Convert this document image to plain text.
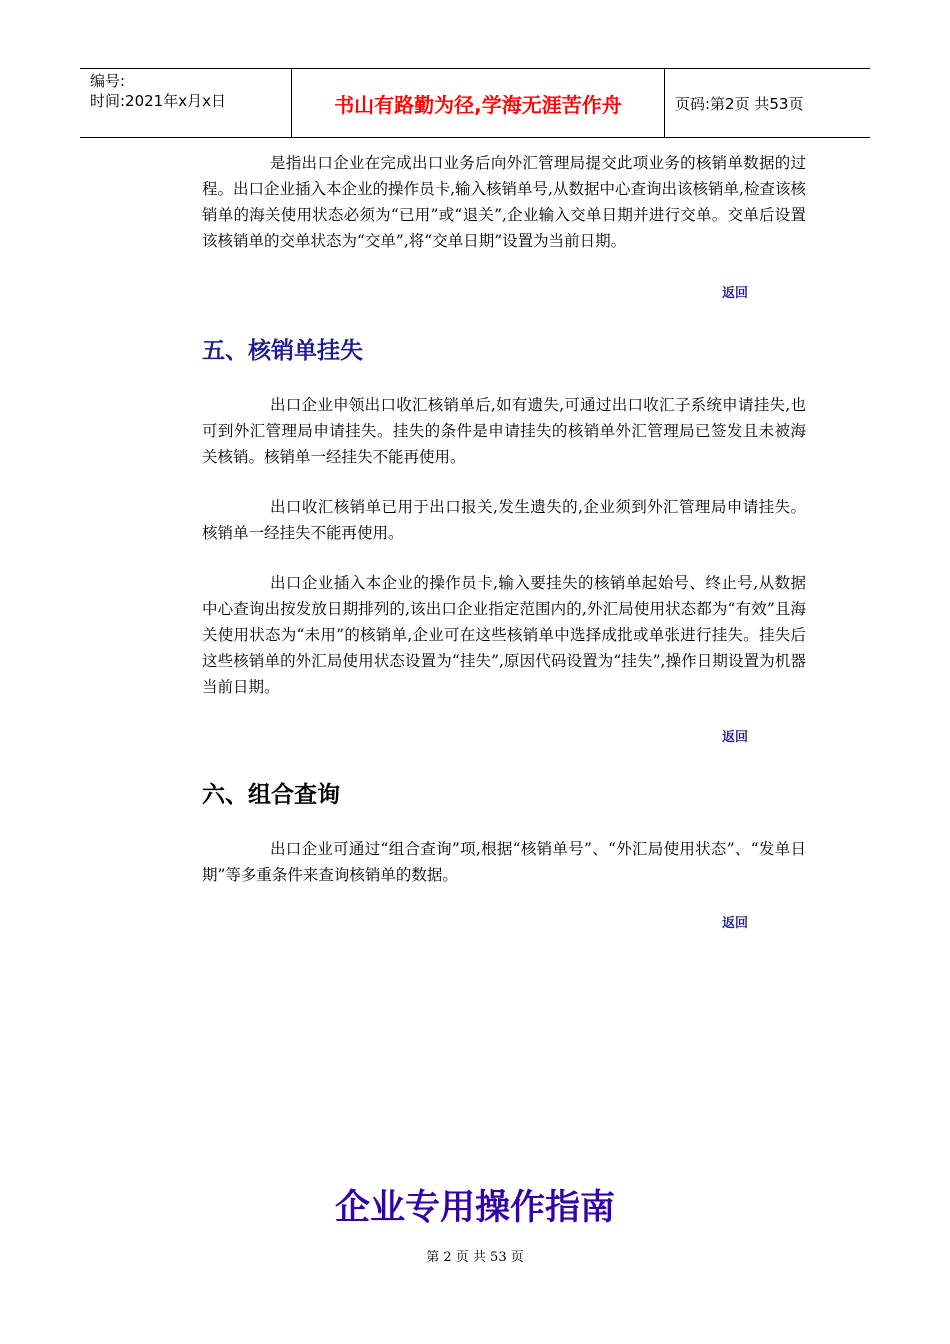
编号:
时间:2021年x月x日	书山有路勤为径,学海无涯苦作舟	页码:第2页 共53页

是指出口企业在完成出口业务后向外汇管理局提交此项业务的核销单数据的过程。出口企业插入本企业的操作员卡,输入核销单号,从数据中心查询出该核销单,检查该核销单的海关使用状态必须为“已用”或“退关”,企业输入交单日期并进行交单。交单后设置该核销单的交单状态为“交单”,将“交单日期”设置为当前日期。

返回
五、核销单挂失

出口企业申领出口收汇核销单后,如有遗失,可通过出口收汇子系统申请挂失,也可到外汇管理局申请挂失。挂失的条件是申请挂失的核销单外汇管理局已签发且未被海关核销。核销单一经挂失不能再使用。

出口收汇核销单已用于出口报关,发生遗失的,企业须到外汇管理局申请挂失。核销单一经挂失不能再使用。

出口企业插入本企业的操作员卡,输入要挂失的核销单起始号、终止号,从数据中心查询出按发放日期排列的,该出口企业指定范围内的,外汇局使用状态都为“有效”且海关使用状态为“未用”的核销单,企业可在这些核销单中选择成批或单张进行挂失。挂失后这些核销单的外汇局使用状态设置为“挂失”,原因代码设置为“挂失”,操作日期设置为机器当前日期。

返回
六、组合查询

出口企业可通过“组合查询”项,根据“核销单号”、“外汇局使用状态”、“发单日期”等多重条件来查询核销单的数据。

返回
企业专用操作指南
第 2 页 共 53 页
